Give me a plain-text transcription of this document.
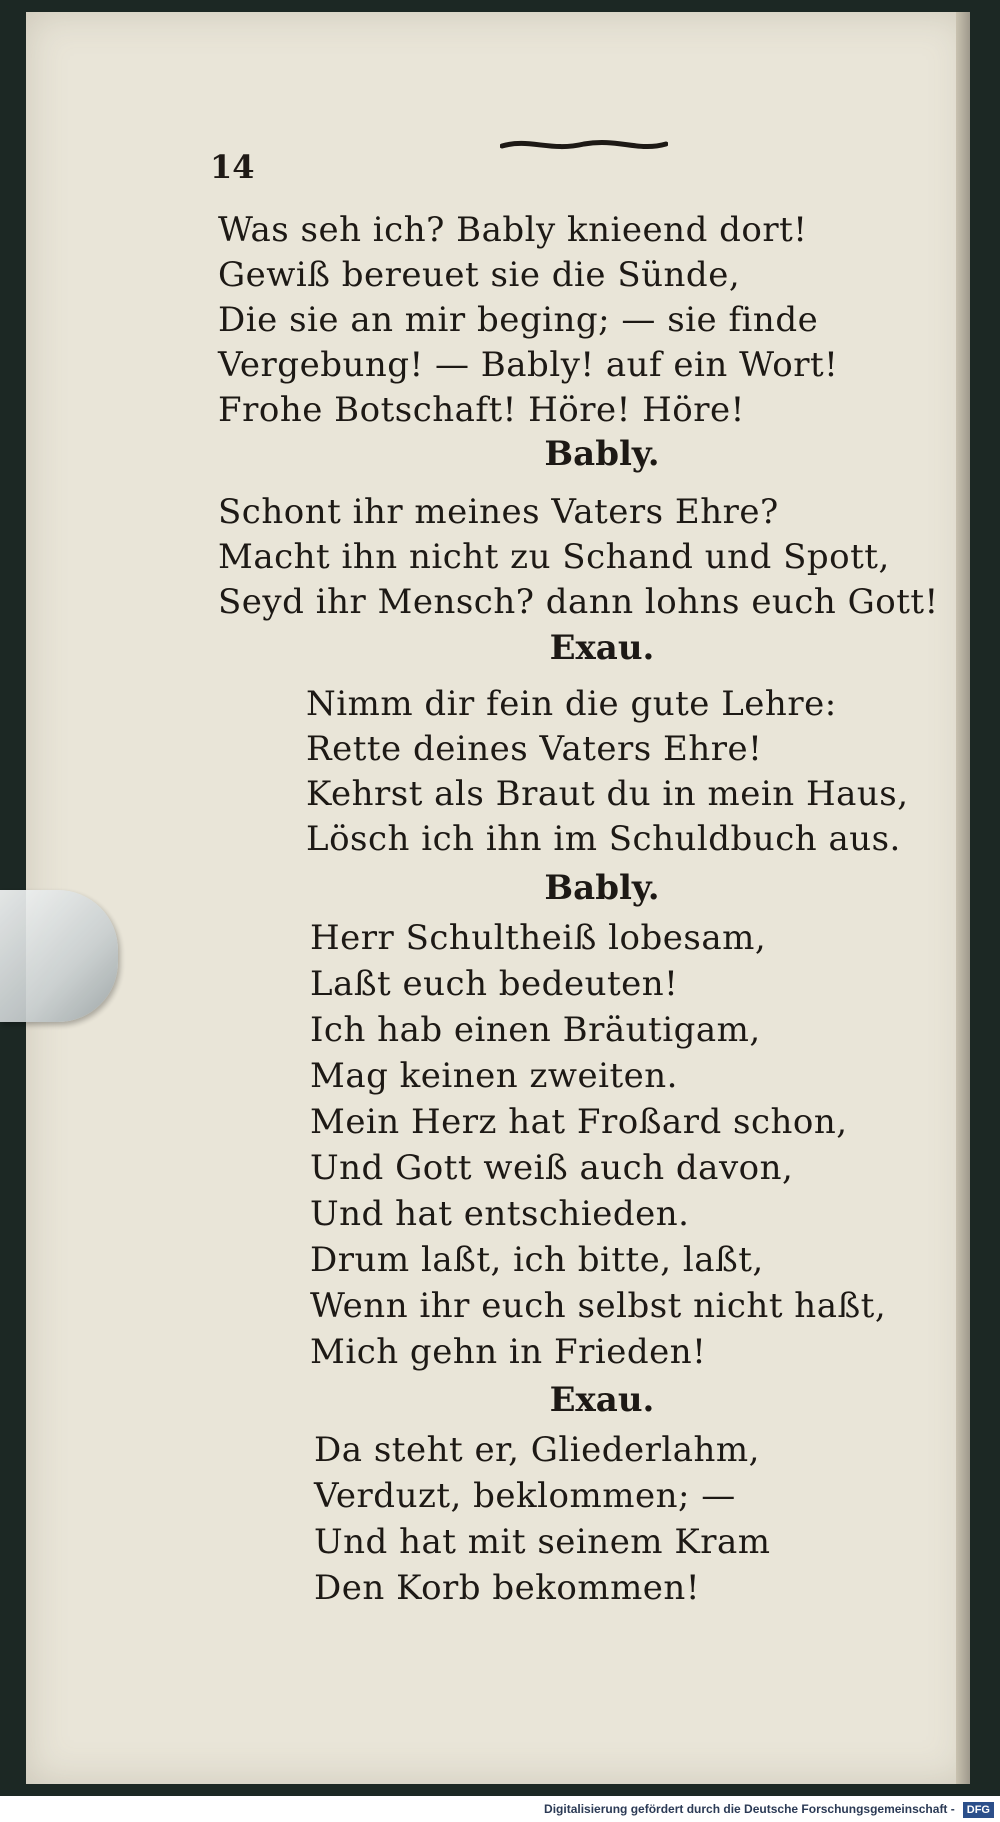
14
Was seh ich? Bably knieend dort!
Gewiß bereuet sie die Sünde,
Die sie an mir beging; — sie finde
Vergebung! — Bably! auf ein Wort!
Frohe Botschaft! Höre! Höre!
Bably.
Schont ihr meines Vaters Ehre?
Macht ihn nicht zu Schand und Spott,
Seyd ihr Mensch? dann lohns euch Gott!
Exau.
Nimm dir fein die gute Lehre:
Rette deines Vaters Ehre!
Kehrst als Braut du in mein Haus,
Lösch ich ihn im Schuldbuch aus.
Bably.
Herr Schultheiß lobesam,
Laßt euch bedeuten!
Ich hab einen Bräutigam,
Mag keinen zweiten.
Mein Herz hat Froßard schon,
Und Gott weiß auch davon,
Und hat entschieden.
Drum laßt, ich bitte, laßt,
Wenn ihr euch selbst nicht haßt,
Mich gehn in Frieden!
Exau.
Da steht er, Gliederlahm,
Verduzt, beklommen; —
Und hat mit seinem Kram
Den Korb bekommen!
Digitalisierung gefördert durch die Deutsche Forschungsgemeinschaft - DFG
